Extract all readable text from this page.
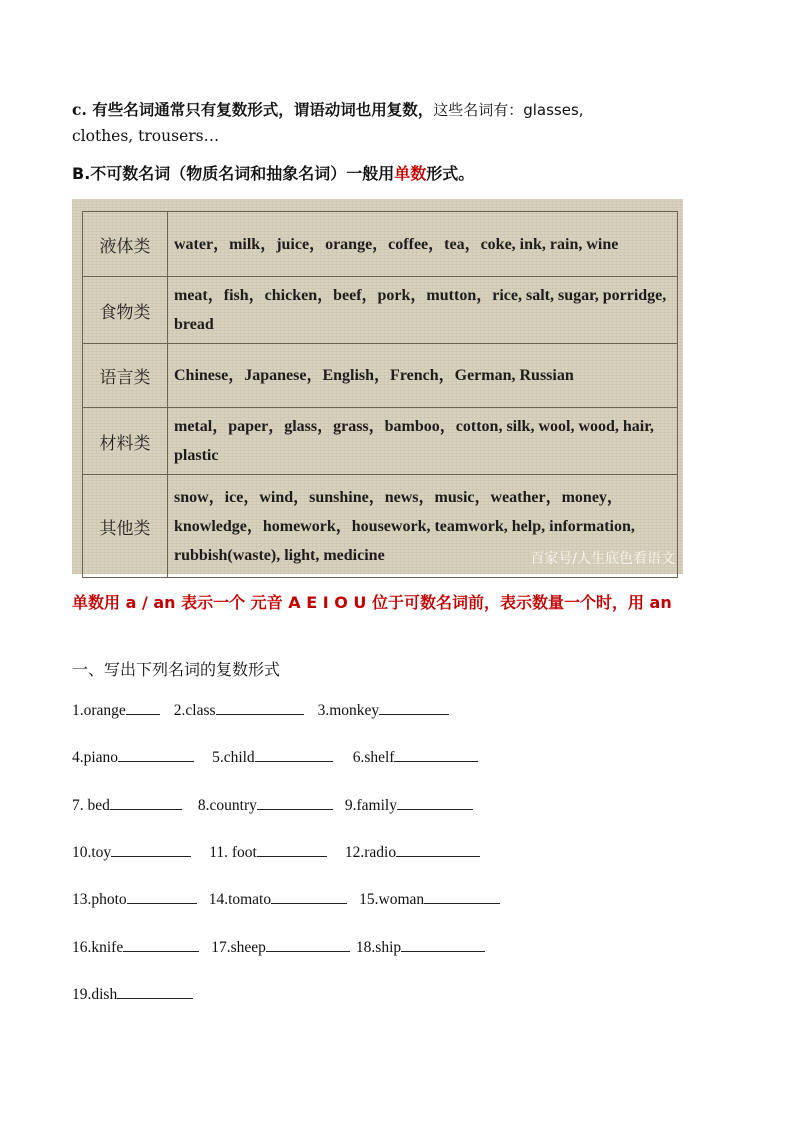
c. 有些名词通常只有复数形式，谓语动词也用复数，这些名词有：glasses,
clothes, trousers…
B.不可数名词（物质名词和抽象名词）一般用单数形式。
液体类	water，milk，juice，orange，coffee，tea，coke, ink, rain, wine
食物类	meat，fish，chicken，beef，pork，mutton，rice, salt, sugar, porridge, bread
语言类	Chinese，Japanese，English，French，German, Russian
材料类	metal，paper，glass，grass，bamboo，cotton, silk, wool, wood, hair, plastic
其他类	snow，ice，wind，sunshine，news，music，weather，money，knowledge，homework，housework, teamwork, help, information, rubbish(waste), light, medicine	百家号/人生底色看语文
单数用 a / an 表示一个 元音 A E I O U 位于可数名词前，表示数量一个时，用 an
一、写出下列名词的复数形式
1.orange	2.class	3.monkey
4.piano	5.child	6.shelf
7. bed	8.country	9.family
10.toy	11. foot	12.radio
13.photo	14.tomato	15.woman
16.knife	17.sheep	18.ship
19.dish
